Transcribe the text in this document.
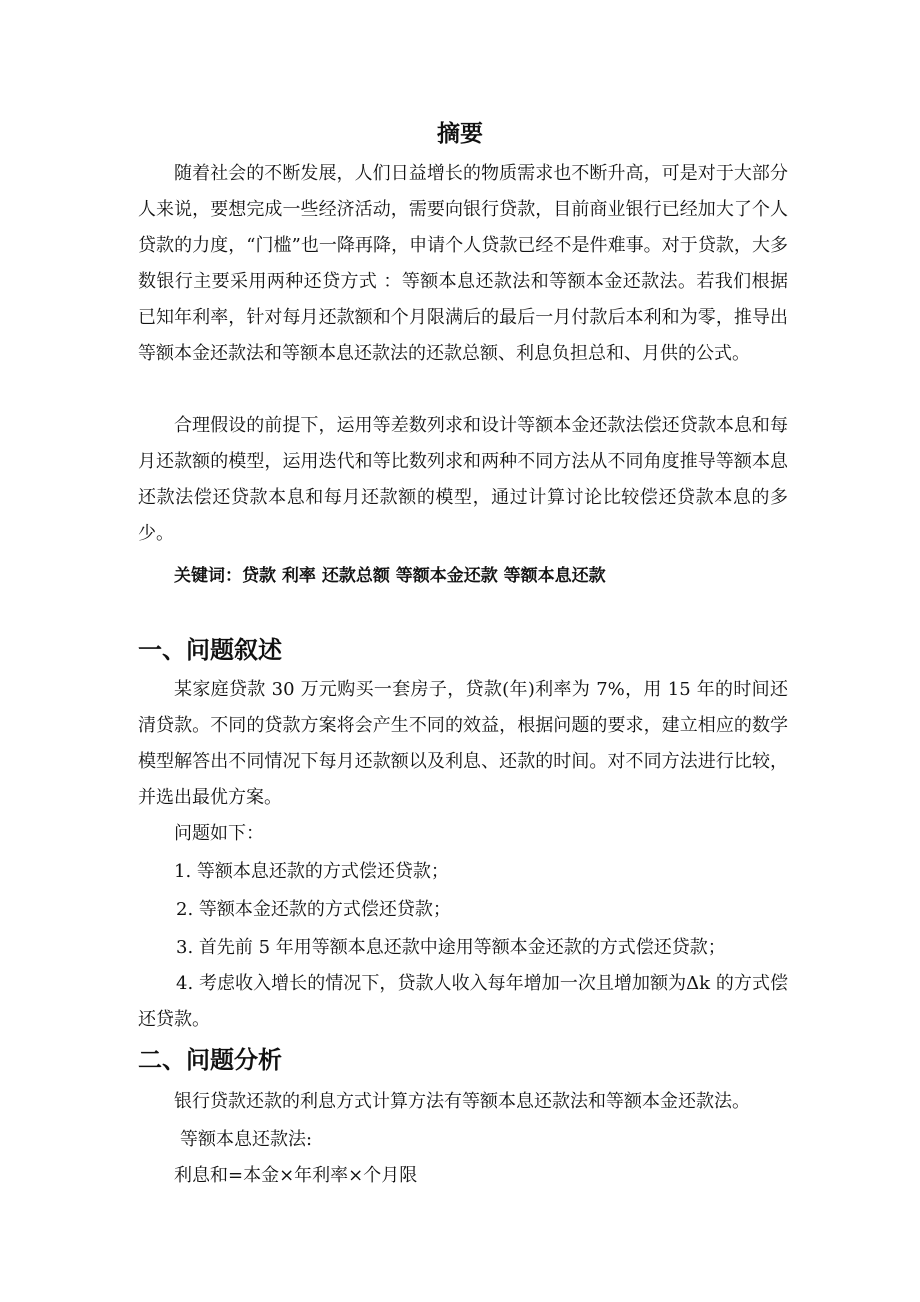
摘要

随着社会的不断发展，人们日益增长的物质需求也不断升高，可是对于大部分人来说，要想完成一些经济活动，需要向银行贷款，目前商业银行已经加大了个人贷款的力度，“门槛”也一降再降，申请个人贷款已经不是件难事。对于贷款，大多数银行主要采用两种还贷方式 ：等额本息还款法和等额本金还款法。若我们根据已知年利率，针对每月还款额和个月限满后的最后一月付款后本利和为零，推导出等额本金还款法和等额本息还款法的还款总额、利息负担总和、月供的公式。

合理假设的前提下，运用等差数列求和设计等额本金还款法偿还贷款本息和每月还款额的模型，运用迭代和等比数列求和两种不同方法从不同角度推导等额本息还款法偿还贷款本息和每月还款额的模型，通过计算讨论比较偿还贷款本息的多少。

关键词：贷款 利率 还款总额 等额本金还款 等额本息还款
一、问题叙述

某家庭贷款 30 万元购买一套房子，贷款(年)利率为 7%，用 15 年的时间还清贷款。不同的贷款方案将会产生不同的效益，根据问题的要求，建立相应的数学模型解答出不同情况下每月还款额以及利息、还款的时间。对不同方法进行比较，并选出最优方案。

问题如下：

1. 等额本息还款的方式偿还贷款；

2. 等额本金还款的方式偿还贷款；

3. 首先前 5 年用等额本息还款中途用等额本金还款的方式偿还贷款；

4. 考虑收入增长的情况下，贷款人收入每年增加一次且增加额为Δk 的方式偿还贷款。

二、问题分析

银行贷款还款的利息方式计算方法有等额本息还款法和等额本金还款法。

等额本息还款法:

利息和=本金×年利率×个月限
